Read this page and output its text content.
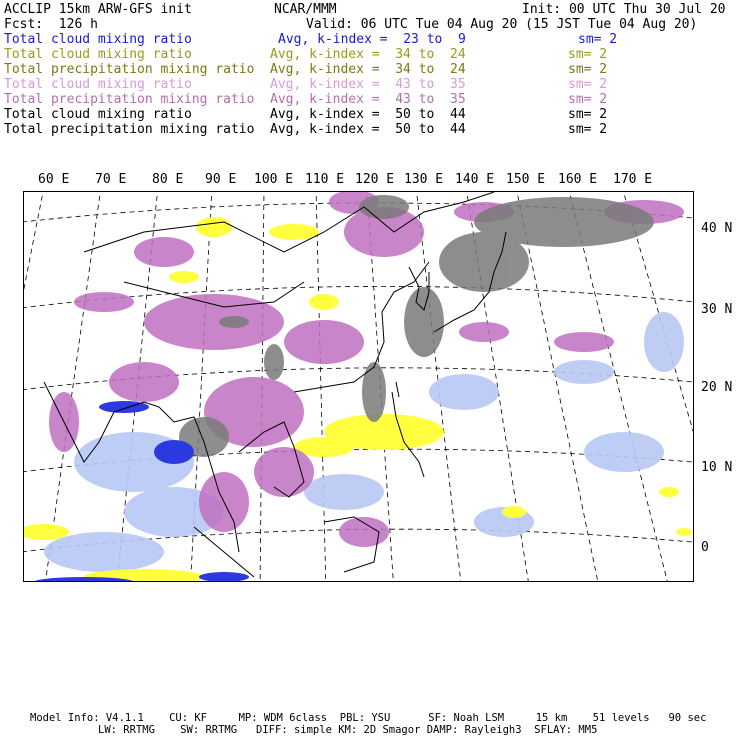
ACCLIP 15km ARW-GFS init	NCAR/MMM	Init: 00 UTC Thu 30 Jul 20
Fcst:  126 h	Valid: 06 UTC Tue 04 Aug 20 (15 JST Tue 04 Aug 20)
Total cloud mixing ratio	Avg, k-index =  23 to  9	sm= 2
Total cloud mixing ratio	Avg, k-index =  34 to  24	sm= 2
Total precipitation mixing ratio Avg, k-index =  34 to  24	sm= 2
Total cloud mixing ratio	Avg, k-index =  43 to  35	sm= 2
Total precipitation mixing ratio Avg, k-index =  43 to  35	sm= 2
Total cloud mixing ratio	Avg, k-index =  50 to  44	sm= 2
Total precipitation mixing ratio Avg, k-index =  50 to  44	sm= 2
60 E 70 E 80 E 90 E 100 E 110 E 120 E 130 E 140 E 150 E 160 E 170 E
40 N
30 N
20 N
10 N
0
Model Info: V4.1.1    CU: KF     MP: WDM 6class  PBL: YSU      SF: Noah LSM     15 km    51 levels   90 sec
LW: RRTMG    SW: RRTMG   DIFF: simple KM: 2D Smagor DAMP: Rayleigh3  SFLAY: MM5
